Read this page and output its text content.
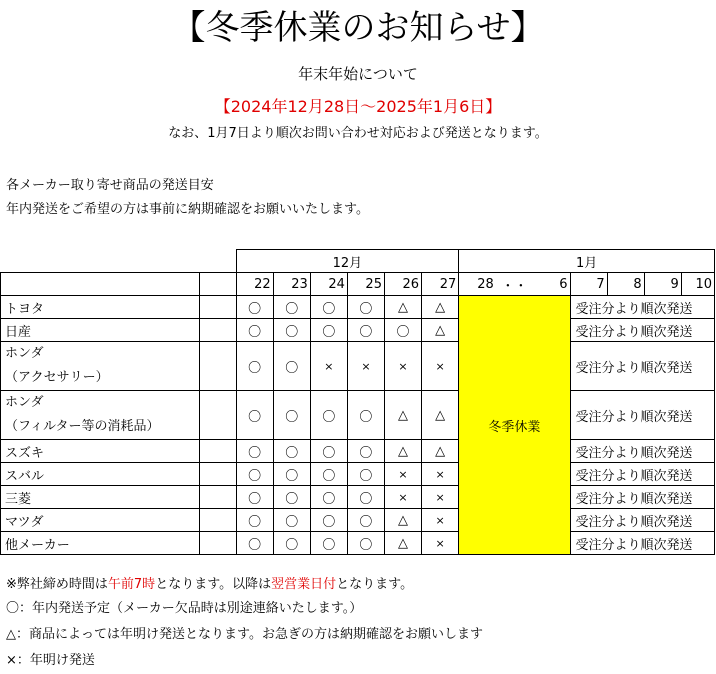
【冬季休業のお知らせ】
年末年始について
【2024年12月28日～2025年1月6日】
なお、1月7日より順次お問い合わせ対応および発送となります。
各メーカー取り寄せ商品の発送目安
年内発送をご希望の方は事前に納期確認をお願いいたします。
		12月						1月						
		22	23	24	25	26	27	28	・・	6	7	8	9	10
トヨタ		〇	〇	〇	〇	△	△	冬季休業			受注分より順次発送			
日産		〇	〇	〇	〇	〇	△				受注分より順次発送			

ホンダ
（アクセサリー）		〇	〇	×	×	×	×				受注分より順次発送			

ホンダ
（フィルター等の消耗品）		〇	〇	〇	〇	△	△				受注分より順次発送			
スズキ		〇	〇	〇	〇	△	△				受注分より順次発送			
スバル		〇	〇	〇	〇	×	×				受注分より順次発送			
三菱		〇	〇	〇	〇	×	×				受注分より順次発送			
マツダ		〇	〇	〇	〇	△	×				受注分より順次発送			
他メーカー		〇	〇	〇	〇	△	×				受注分より順次発送			
※弊社締め時間は午前7時となります。以降は翌営業日付となります。
〇：年内発送予定（メーカー欠品時は別途連絡いたします。）
△：商品によっては年明け発送となります。お急ぎの方は納期確認をお願いします
×：年明け発送
